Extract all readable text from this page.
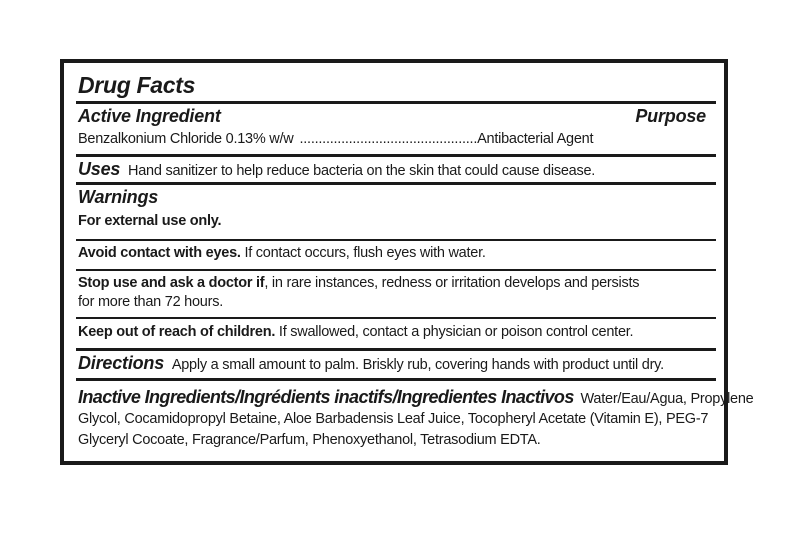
Drug Facts
Active Ingredient	Purpose
Benzalkonium Chloride 0.13% w/w ............................................... Antibacterial Agent
Uses Hand sanitizer to help reduce bacteria on the skin that could cause disease.
Warnings
For external use only.
Avoid contact with eyes. If contact occurs, flush eyes with water.
Stop use and ask a doctor if, in rare instances, redness or irritation develops and persists
for more than 72 hours.
Keep out of reach of children. If swallowed, contact a physician or poison control center.
Directions Apply a small amount to palm. Briskly rub, covering hands with product until dry.
Inactive Ingredients/Ingrédients inactifs/Ingredientes Inactivos Water/Eau/Agua, Propylene
Glycol, Cocamidopropyl Betaine, Aloe Barbadensis Leaf Juice, Tocopheryl Acetate (Vitamin E), PEG-7
Glyceryl Cocoate, Fragrance/Parfum, Phenoxyethanol, Tetrasodium EDTA.
